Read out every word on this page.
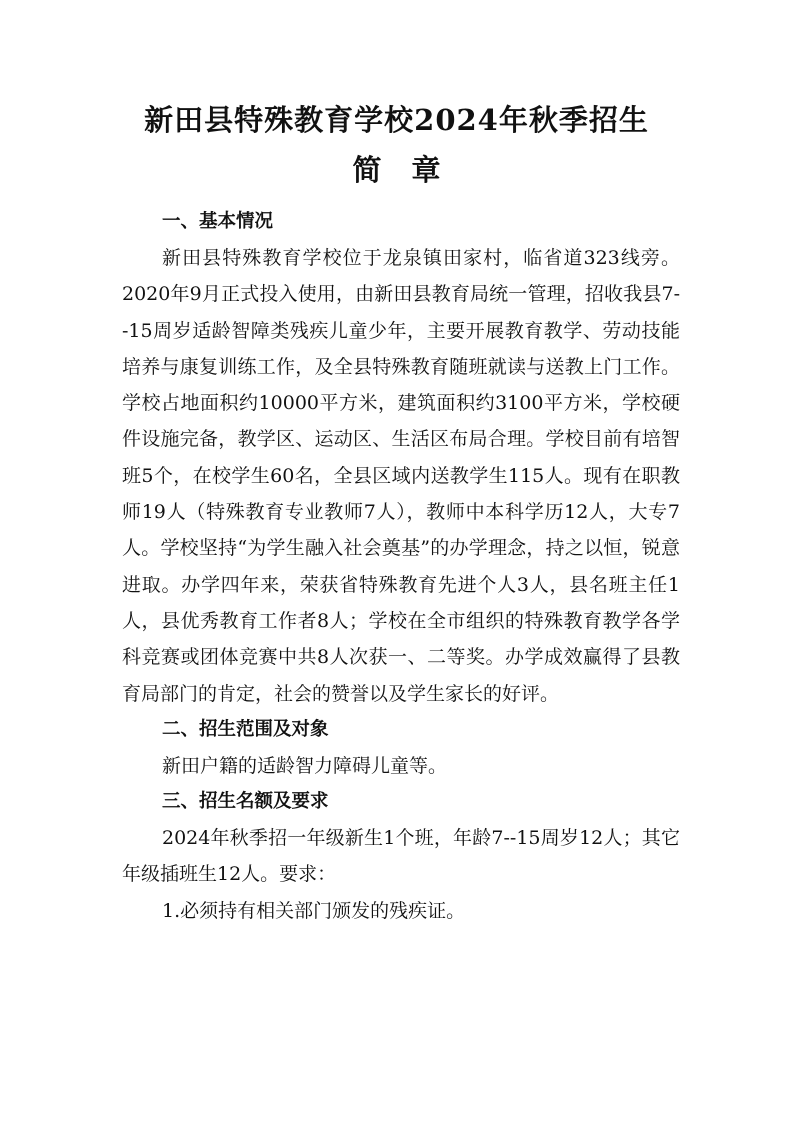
新田县特殊教育学校2024年秋季招生
简 章
一、基本情况

新田县特殊教育学校位于龙泉镇田家村，临省道323线旁。2020年9月正式投入使用，由新田县教育局统一管理，招收我县7--15周岁适龄智障类残疾儿童少年，主要开展教育教学、劳动技能培养与康复训练工作，及全县特殊教育随班就读与送教上门工作。学校占地面积约10000平方米，建筑面积约3100平方米，学校硬件设施完备，教学区、运动区、生活区布局合理。学校目前有培智班5个，在校学生60名，全县区域内送教学生115人。现有在职教师19人（特殊教育专业教师7人），教师中本科学历12人，大专7人。学校坚持“为学生融入社会奠基”的办学理念，持之以恒，锐意进取。办学四年来，荣获省特殊教育先进个人3人，县名班主任1人，县优秀教育工作者8人；学校在全市组织的特殊教育教学各学科竞赛或团体竞赛中共8人次获一、二等奖。办学成效赢得了县教育局部门的肯定，社会的赞誉以及学生家长的好评。

二、招生范围及对象

新田户籍的适龄智力障碍儿童等。

三、招生名额及要求

2024年秋季招一年级新生1个班，年龄7--15周岁12人；其它年级插班生12人。要求：

1.必须持有相关部门颁发的残疾证。
